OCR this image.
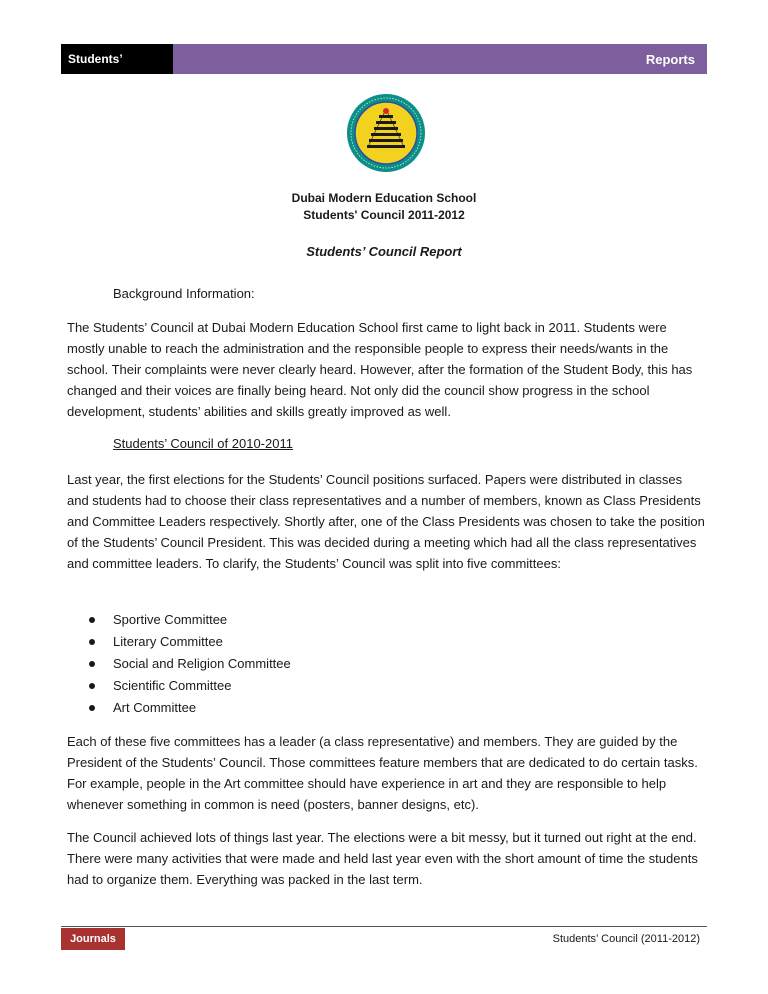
Students’ Council
Reports
Dubai Modern Education School
Students' Council 2011-2012
Students’ Council Report

Background Information:

The Students’ Council at Dubai Modern Education School first came to light back in 2011. Students were mostly unable to reach the administration and the responsible people to express their needs/wants in the school. Their complaints were never clearly heard. However, after the formation of the Student Body, this has changed and their voices are finally being heard. Not only did the council show progress in the school development, students’ abilities and skills greatly improved as well.

Students’ Council of 2010-2011

Last year, the first elections for the Students’ Council positions surfaced. Papers were distributed in classes and students had to choose their class representatives and a number of members, known as Class Presidents and Committee Leaders respectively. Shortly after, one of the Class Presidents was chosen to take the position of the Students’ Council President. This was decided during a meeting which had all the class representatives and committee leaders. To clarify, the Students’ Council was split into five committees:

Sportive Committee
Literary Committee
Social and Religion Committee
Scientific Committee
Art Committee

Each of these five committees has a leader (a class representative) and members. They are guided by the President of the Students’ Council. Those committees feature members that are dedicated to do certain tasks. For example, people in the Art committee should have experience in art and they are responsible to help whenever something in common is need (posters, banner designs, etc).

The Council achieved lots of things last year. The elections were a bit messy, but it turned out right at the end. There were many activities that were made and held last year even with the short amount of time the students had to organize them. Everything was packed in the last term.

Journals	Students’ Council (2011-2012)
